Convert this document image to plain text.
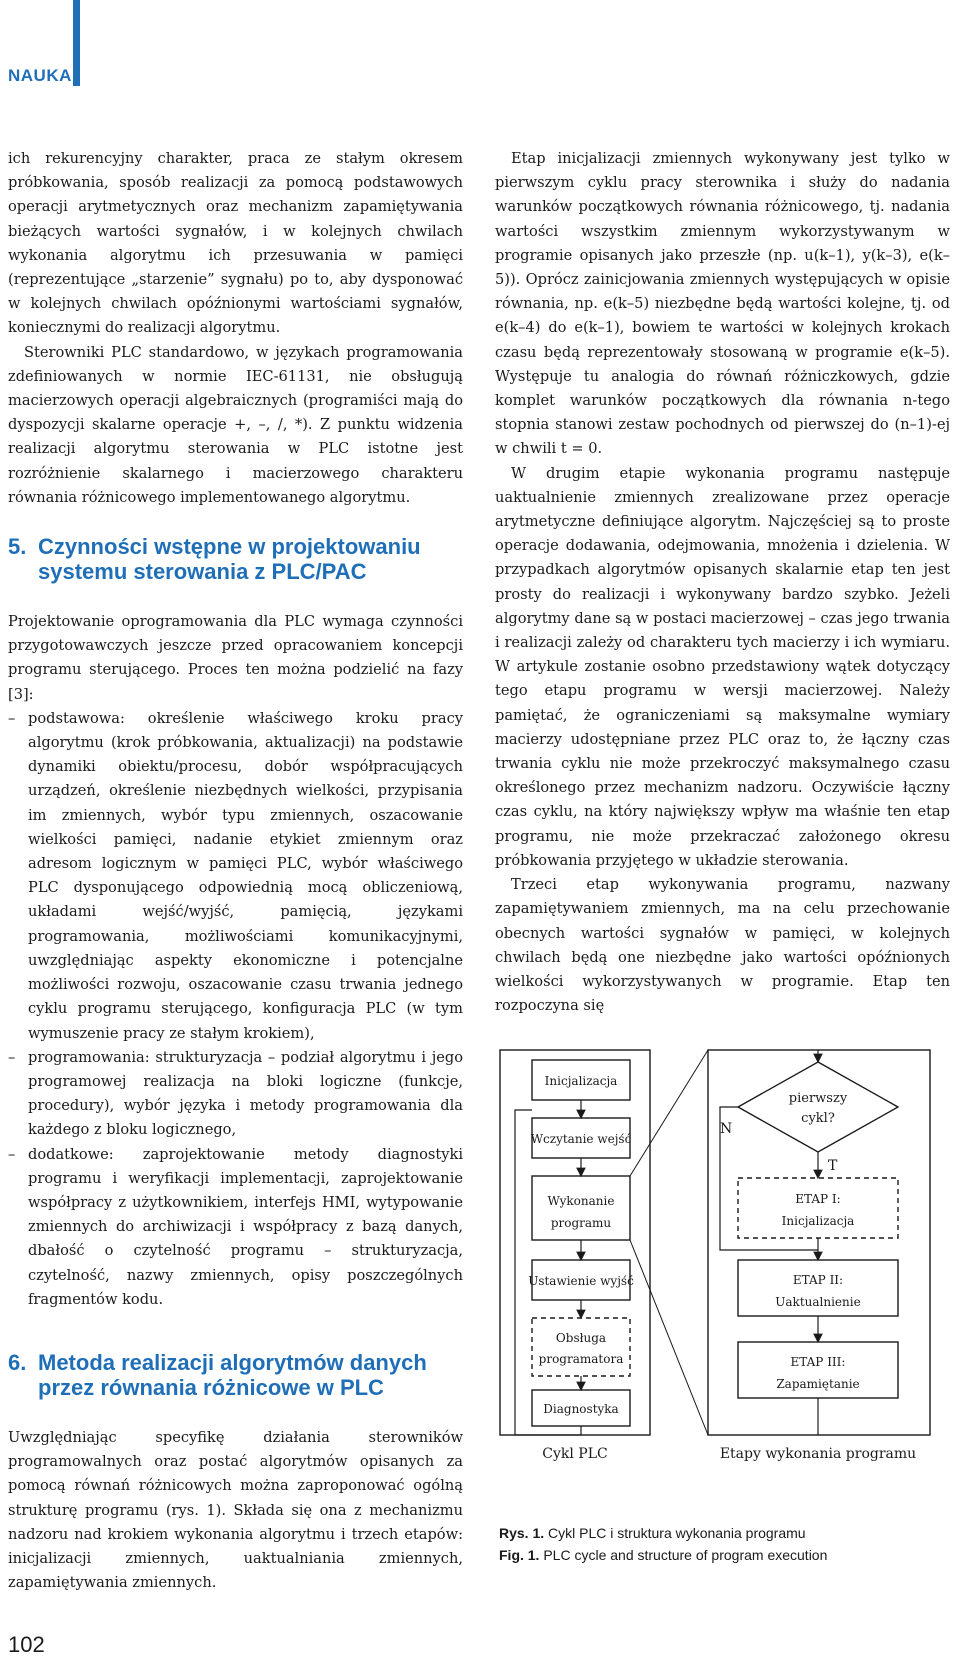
NAUKA

ich rekurencyjny charakter, praca ze stałym okresem próbkowania, sposób realizacji za pomocą podstawowych operacji arytmetycznych oraz mechanizm zapamiętywania bieżących wartości sygnałów, i w kolejnych chwilach wykonania algorytmu ich przesuwania w pamięci (reprezentujące „starzenie” sygnału) po to, aby dysponować w kolejnych chwilach opóźnionymi wartościami sygnałów, koniecznymi do realizacji algorytmu.

Sterowniki PLC standardowo, w językach programowania zdefiniowanych w normie IEC-61131, nie obsługują macierzowych operacji algebraicznych (programiści mają do dyspozycji skalarne operacje +, –, /, *). Z punktu widzenia realizacji algorytmu sterowania w PLC istotne jest rozróżnienie skalarnego i macierzowego charakteru równania różnicowego implementowanego algorytmu.

5. Czynności wstępne w projektowaniu
systemu sterowania z PLC/PAC

Projektowanie oprogramowania dla PLC wymaga czynności przygotowawczych jeszcze przed opracowaniem koncepcji programu sterującego. Proces ten można podzielić na fazy [3]:

– podstawowa: określenie właściwego kroku pracy algorytmu (krok próbkowania, aktualizacji) na podstawie dynamiki obiektu/procesu, dobór współpracujących urządzeń, określenie niezbędnych wielkości, przypisania im zmiennych, wybór typu zmiennych, oszacowanie wielkości pamięci, nadanie etykiet zmiennym oraz adresom logicznym w pamięci PLC, wybór właściwego PLC dysponującego odpowiednią mocą obliczeniową, układami wejść/wyjść, pamięcią, językami programowania, możliwościami komunikacyjnymi, uwzględniając aspekty ekonomiczne i potencjalne możliwości rozwoju, oszacowanie czasu trwania jednego cyklu programu sterującego, konfiguracja PLC (w tym wymuszenie pracy ze stałym krokiem),
– programowania: strukturyzacja – podział algorytmu i jego programowej realizacja na bloki logiczne (funkcje, procedury), wybór języka i metody programowania dla każdego z bloku logicznego,
– dodatkowe: zaprojektowanie metody diagnostyki programu i weryfikacji implementacji, zaprojektowanie współpracy z użytkownikiem, interfejs HMI, wytypowanie zmiennych do archiwizacji i współpracy z bazą danych, dbałość o czytelność programu – strukturyzacja, czytelność, nazwy zmiennych, opisy poszczególnych fragmentów kodu.
6. Metoda realizacji algorytmów danych
przez równania różnicowe w PLC

Uwzględniając specyfikę działania sterowników programowalnych oraz postać algorytmów opisanych za pomocą równań różnicowych można zaproponować ogólną strukturę programu (rys. 1). Składa się ona z mechanizmu nadzoru nad krokiem wykonania algorytmu i trzech etapów: inicjalizacji zmiennych, uaktualniania zmiennych, zapamiętywania zmiennych.

Etap inicjalizacji zmiennych wykonywany jest tylko w pierwszym cyklu pracy sterownika i służy do nadania warunków początkowych równania różnicowego, tj. nadania wartości wszystkim zmiennym wykorzystywanym w programie opisanych jako przeszłe (np. u(k–1), y(k–3), e(k–5)). Oprócz zainicjowania zmiennych występujących w opisie równania, np. e(k–5) niezbędne będą wartości kolejne, tj. od e(k–4) do e(k–1), bowiem te wartości w kolejnych krokach czasu będą reprezentowały stosowaną w programie e(k–5). Występuje tu analogia do równań różniczkowych, gdzie komplet warunków początkowych dla równania n-tego stopnia stanowi zestaw pochodnych od pierwszej do (n–1)-ej w chwili t = 0.

W drugim etapie wykonania programu następuje uaktualnienie zmiennych zrealizowane przez operacje arytmetyczne definiujące algorytm. Najczęściej są to proste operacje dodawania, odejmowania, mnożenia i dzielenia. W przypadkach algorytmów opisanych skalarnie etap ten jest prosty do realizacji i wykonywany bardzo szybko. Jeżeli algorytmy dane są w postaci macierzowej – czas jego trwania i realizacji zależy od charakteru tych macierzy i ich wymiaru. W artykule zostanie osobno przedstawiony wątek dotyczący tego etapu programu w wersji macierzowej. Należy pamiętać, że ograniczeniami są maksymalne wymiary macierzy udostępniane przez PLC oraz to, że łączny czas trwania cyklu nie może przekroczyć maksymalnego czasu określonego przez mechanizm nadzoru. Oczywiście łączny czas cyklu, na który największy wpływ ma właśnie ten etap programu, nie może przekraczać założonego okresu próbkowania przyjętego w układzie sterowania.

Trzeci etap wykonywania programu, nazwany zapamiętywaniem zmiennych, ma na celu przechowanie obecnych wartości sygnałów w pamięci, w kolejnych chwilach będą one niezbędne jako wartości opóźnionych wielkości wykorzystywanych w programie. Etap ten rozpoczyna się

Inicjalizacja
Wczytanie wejść
Wykonanie
programu
Ustawienie wyjść
Obsługa
programatora
Diagnostyka
pierwszy
cykl?
N
T
ETAP I:
Inicjalizacja
ETAP II:
Uaktualnienie
ETAP III:
Zapamiętanie
Cykl PLC	Etapy wykonania programu
Rys. 1. Cykl PLC i struktura wykonania programu
Fig. 1. PLC cycle and structure of program execution
102
